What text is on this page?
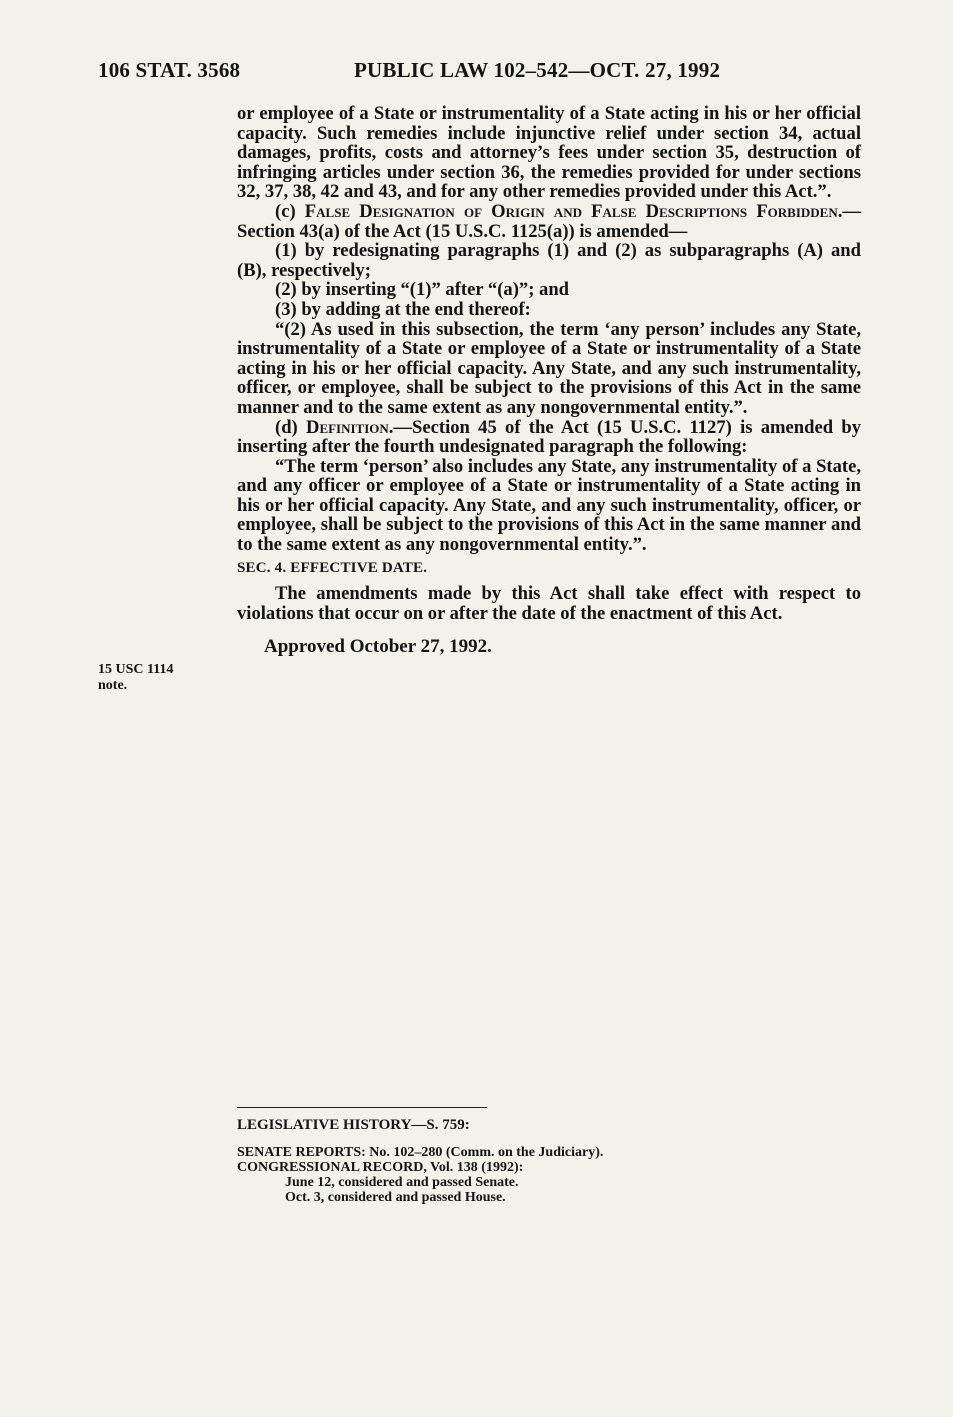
106 STAT. 3568	PUBLIC LAW 102–542—OCT. 27, 1992

or employee of a State or instrumentality of a State acting in his or her official capacity. Such remedies include injunctive relief under section 34, actual damages, profits, costs and attorney’s fees under section 35, destruction of infringing articles under section 36, the remedies provided for under sections 32, 37, 38, 42 and 43, and for any other remedies provided under this Act.”.

(c) False Designation of Origin and False Descriptions Forbidden.—Section 43(a) of the Act (15 U.S.C. 1125(a)) is amended—

(1) by redesignating paragraphs (1) and (2) as subparagraphs (A) and (B), respectively;

(2) by inserting “(1)” after “(a)”; and

(3) by adding at the end thereof:

“(2) As used in this subsection, the term ‘any person’ includes any State, instrumentality of a State or employee of a State or instrumentality of a State acting in his or her official capacity. Any State, and any such instrumentality, officer, or employee, shall be subject to the provisions of this Act in the same manner and to the same extent as any nongovernmental entity.”.

(d) Definition.—Section 45 of the Act (15 U.S.C. 1127) is amended by inserting after the fourth undesignated paragraph the following:

“The term ‘person’ also includes any State, any instrumentality of a State, and any officer or employee of a State or instrumentality of a State acting in his or her official capacity. Any State, and any such instrumentality, officer, or employee, shall be subject to the provisions of this Act in the same manner and to the same extent as any nongovernmental entity.”.

SEC. 4. EFFECTIVE DATE.

The amendments made by this Act shall take effect with respect to violations that occur on or after the date of the enactment of this Act.

Approved October 27, 1992.

15 USC 1114
note.
LEGISLATIVE HISTORY—S. 759:
SENATE REPORTS: No. 102–280 (Comm. on the Judiciary).
CONGRESSIONAL RECORD, Vol. 138 (1992):
June 12, considered and passed Senate.
Oct. 3, considered and passed House.
